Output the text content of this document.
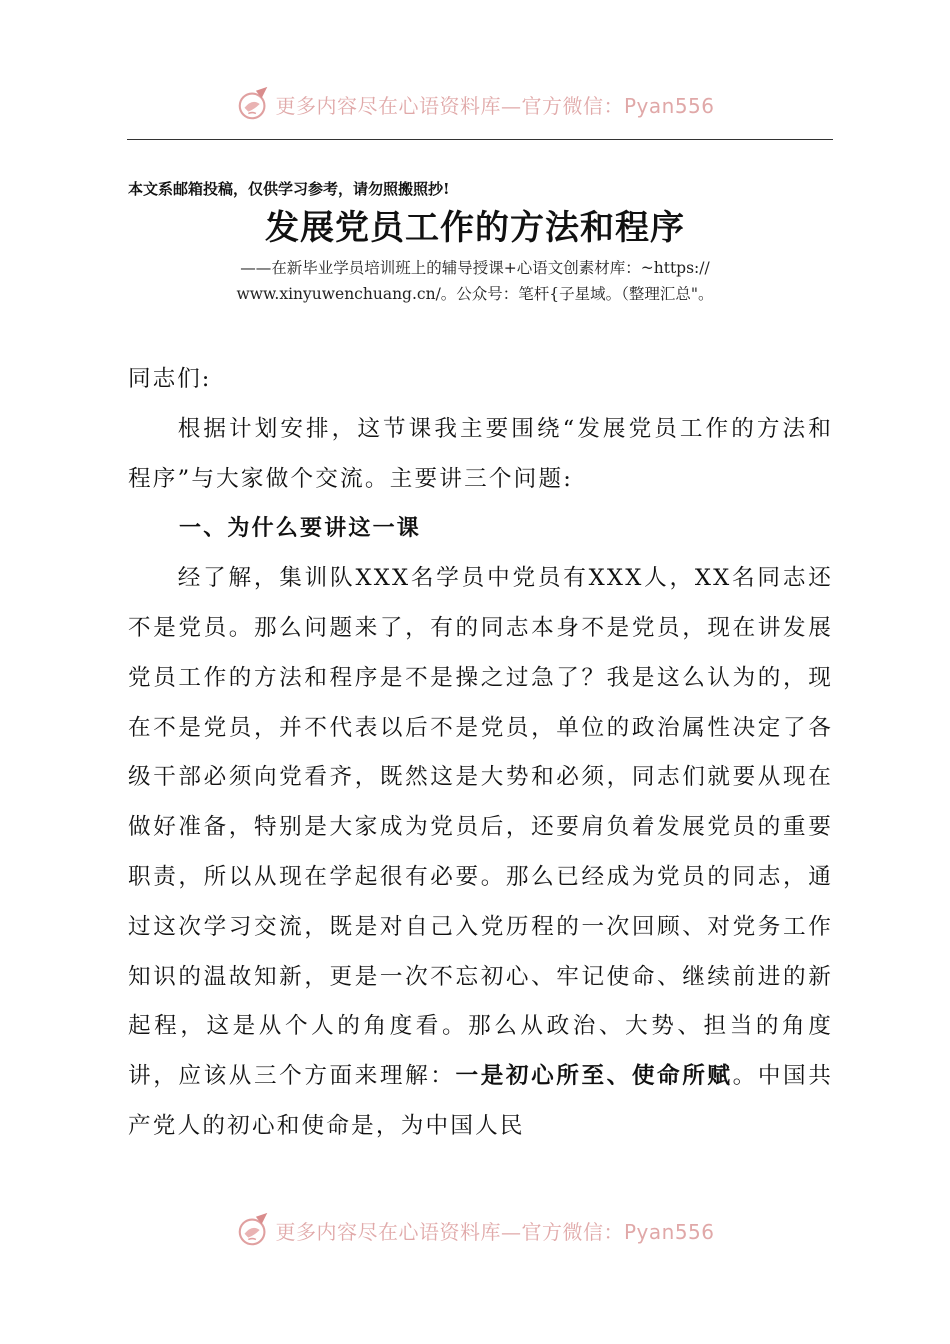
更多内容尽在心语资料库—官方微信：Pyan556
本文系邮箱投稿，仅供学习参考，请勿照搬照抄!
发展党员工作的方法和程序
——在新毕业学员培训班上的辅导授课+心语文创素材库：~https://
www.xinyuwenchuang.cn/。公众号：笔杆{子星域。（整理汇总"。

同志们:

根据计划安排，这节课我主要围绕“发展党员工作的方法和程序”与大家做个交流。主要讲三个问题:

一、为什么要讲这一课

经了解，集训队XXX名学员中党员有XXX人，XX名同志还不是党员。那么问题来了，有的同志本身不是党员，现在讲发展党员工作的方法和程序是不是操之过急了？我是这么认为的，现在不是党员，并不代表以后不是党员，单位的政治属性决定了各级干部必须向党看齐，既然这是大势和必须，同志们就要从现在做好准备，特别是大家成为党员后，还要肩负着发展党员的重要职责，所以从现在学起很有必要。那么已经成为党员的同志，通过这次学习交流，既是对自己入党历程的一次回顾、对党务工作知识的温故知新，更是一次不忘初心、牢记使命、继续前进的新起程，这是从个人的角度看。那么从政治、大势、担当的角度讲，应该从三个方面来理解：一是初心所至、使命所赋。中国共产党人的初心和使命是，为中国人民

更多内容尽在心语资料库—官方微信：Pyan556
